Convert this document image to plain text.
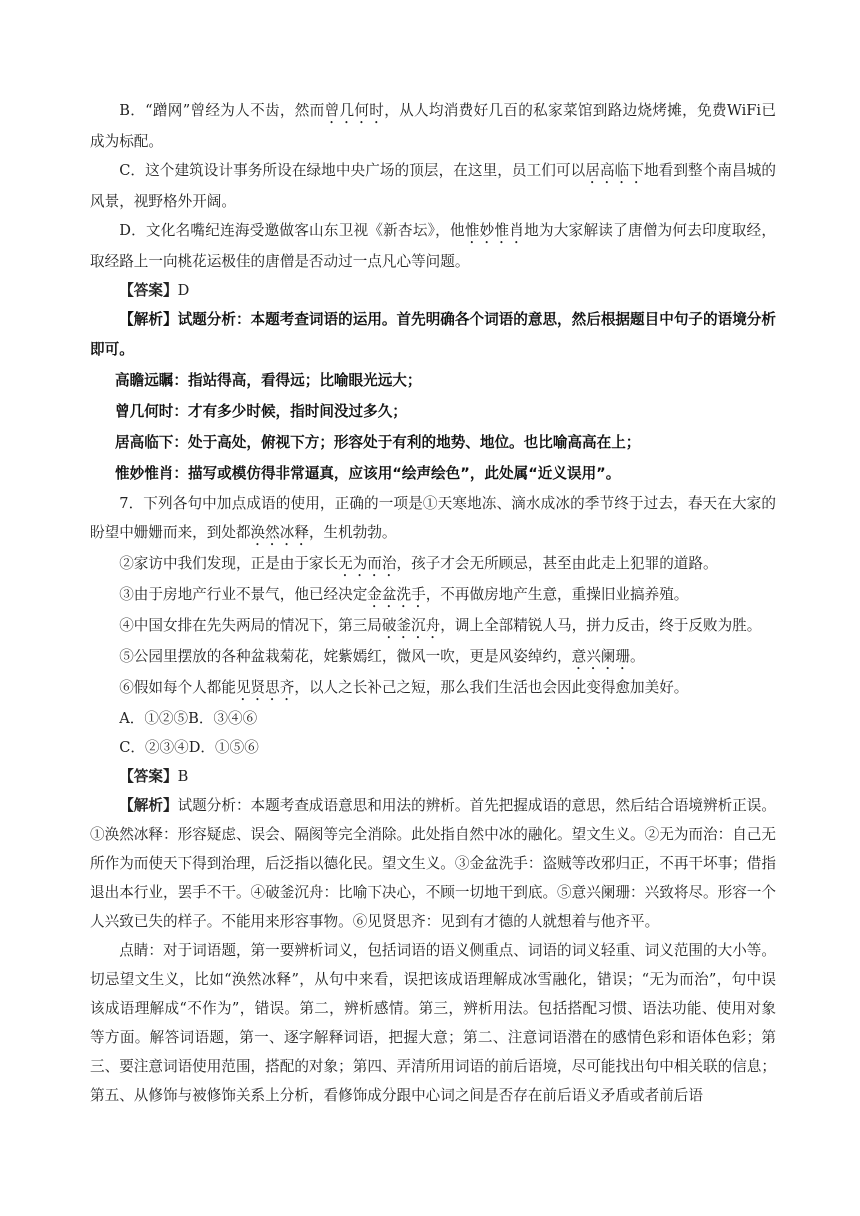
B．“蹭网”曾经为人不齿，然而曾几何时，从人均消费好几百的私家菜馆到路边烧烤摊，免费WiFi已成为标配。

C．这个建筑设计事务所设在绿地中央广场的顶层，在这里，员工们可以居高临下地看到整个南昌城的风景，视野格外开阔。

D．文化名嘴纪连海受邀做客山东卫视《新杏坛》，他惟妙惟肖地为大家解读了唐僧为何去印度取经，取经路上一向桃花运极佳的唐僧是否动过一点凡心等问题。

【答案】D

【解析】试题分析：本题考查词语的运用。首先明确各个词语的意思，然后根据题目中句子的语境分析即可。

高瞻远瞩：指站得高，看得远；比喻眼光远大；

曾几何时：才有多少时候，指时间没过多久；

居高临下：处于高处，俯视下方；形容处于有利的地势、地位。也比喻高高在上；

惟妙惟肖：描写或模仿得非常逼真，应该用“绘声绘色”，此处属“近义误用”。

7．下列各句中加点成语的使用，正确的一项是①天寒地冻、滴水成冰的季节终于过去，春天在大家的盼望中姗姗而来，到处都涣然冰释，生机勃勃。

②家访中我们发现，正是由于家长无为而治，孩子才会无所顾忌，甚至由此走上犯罪的道路。

③由于房地产行业不景气，他已经决定金盆洗手，不再做房地产生意，重操旧业搞养殖。

④中国女排在先失两局的情况下，第三局破釜沉舟，调上全部精锐人马，拼力反击，终于反败为胜。

⑤公园里摆放的各种盆栽菊花，姹紫嫣红，微风一吹，更是风姿绰约，意兴阑珊。

⑥假如每个人都能见贤思齐，以人之长补己之短，那么我们生活也会因此变得愈加美好。

A．①②⑤B．③④⑥

C．②③④D．①⑤⑥

【答案】B

【解析】试题分析：本题考查成语意思和用法的辨析。首先把握成语的意思，然后结合语境辨析正误。①涣然冰释：形容疑虑、误会、隔阂等完全消除。此处指自然中冰的融化。望文生义。②无为而治：自己无所作为而使天下得到治理，后泛指以德化民。望文生义。③金盆洗手：盗贼等改邪归正，不再干坏事；借指退出本行业，罢手不干。④破釜沉舟：比喻下决心，不顾一切地干到底。⑤意兴阑珊：兴致将尽。形容一个人兴致已失的样子。不能用来形容事物。⑥见贤思齐：见到有才德的人就想着与他齐平。

点睛：对于词语题，第一要辨析词义，包括词语的语义侧重点、词语的词义轻重、词义范围的大小等。切忌望文生义，比如“涣然冰释”，从句中来看，误把该成语理解成冰雪融化，错误；“无为而治”，句中误该成语理解成“不作为”，错误。第二，辨析感情。第三，辨析用法。包括搭配习惯、语法功能、使用对象等方面。解答词语题，第一、逐字解释词语，把握大意；第二、注意词语潜在的感情色彩和语体色彩；第三、要注意词语使用范围，搭配的对象；第四、弄清所用词语的前后语境，尽可能找出句中相关联的信息；第五、从修饰与被修饰关系上分析，看修饰成分跟中心词之间是否存在前后语义矛盾或者前后语
